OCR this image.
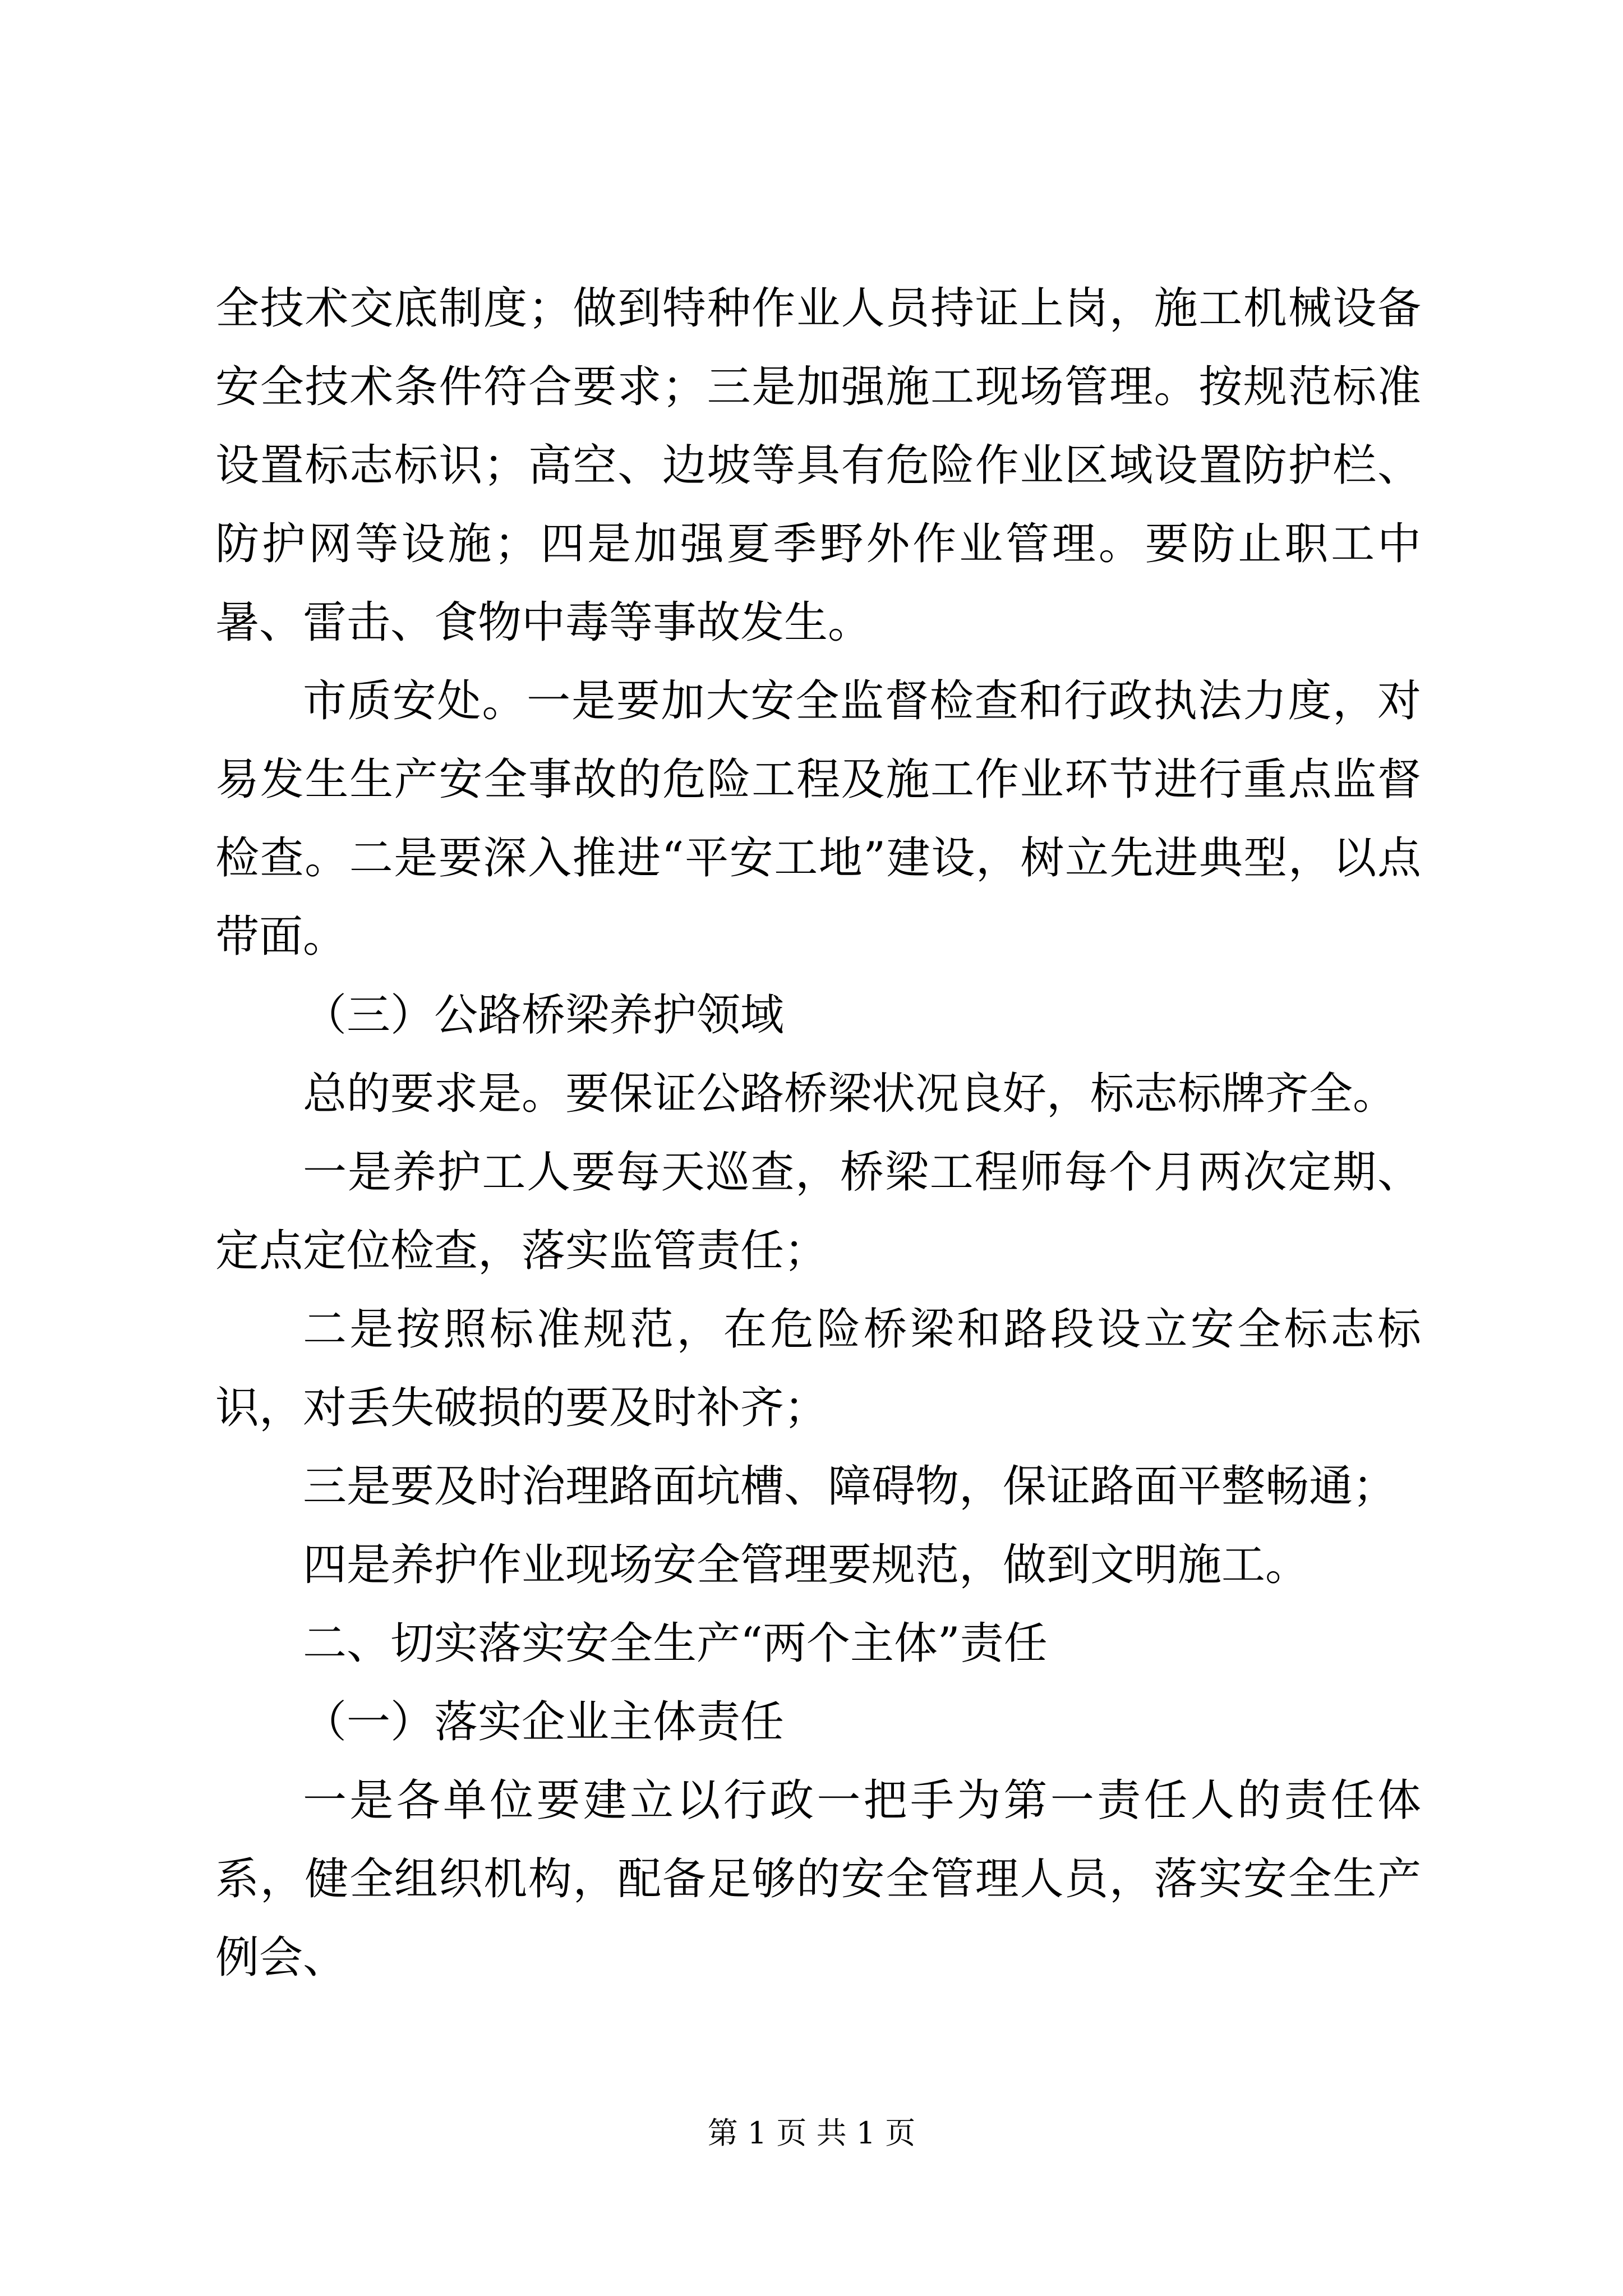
全技术交底制度；做到特种作业人员持证上岗，施工机械设备安全技术条件符合要求；三是加强施工现场管理。按规范标准设置标志标识；高空、边坡等具有危险作业区域设置防护栏、防护网等设施；四是加强夏季野外作业管理。要防止职工中暑、雷击、食物中毒等事故发生。

市质安处。一是要加大安全监督检查和行政执法力度，对易发生生产安全事故的危险工程及施工作业环节进行重点监督检查。二是要深入推进“平安工地”建设，树立先进典型，以点带面。

（三）公路桥梁养护领域

总的要求是。要保证公路桥梁状况良好，标志标牌齐全。

一是养护工人要每天巡查，桥梁工程师每个月两次定期、定点定位检查，落实监管责任；

二是按照标准规范，在危险桥梁和路段设立安全标志标识，对丢失破损的要及时补齐；

三是要及时治理路面坑槽、障碍物，保证路面平整畅通；

四是养护作业现场安全管理要规范，做到文明施工。

二、切实落实安全生产“两个主体”责任

（一）落实企业主体责任

一是各单位要建立以行政一把手为第一责任人的责任体系，健全组织机构，配备足够的安全管理人员，落实安全生产例会、

第 1 页 共 1 页
